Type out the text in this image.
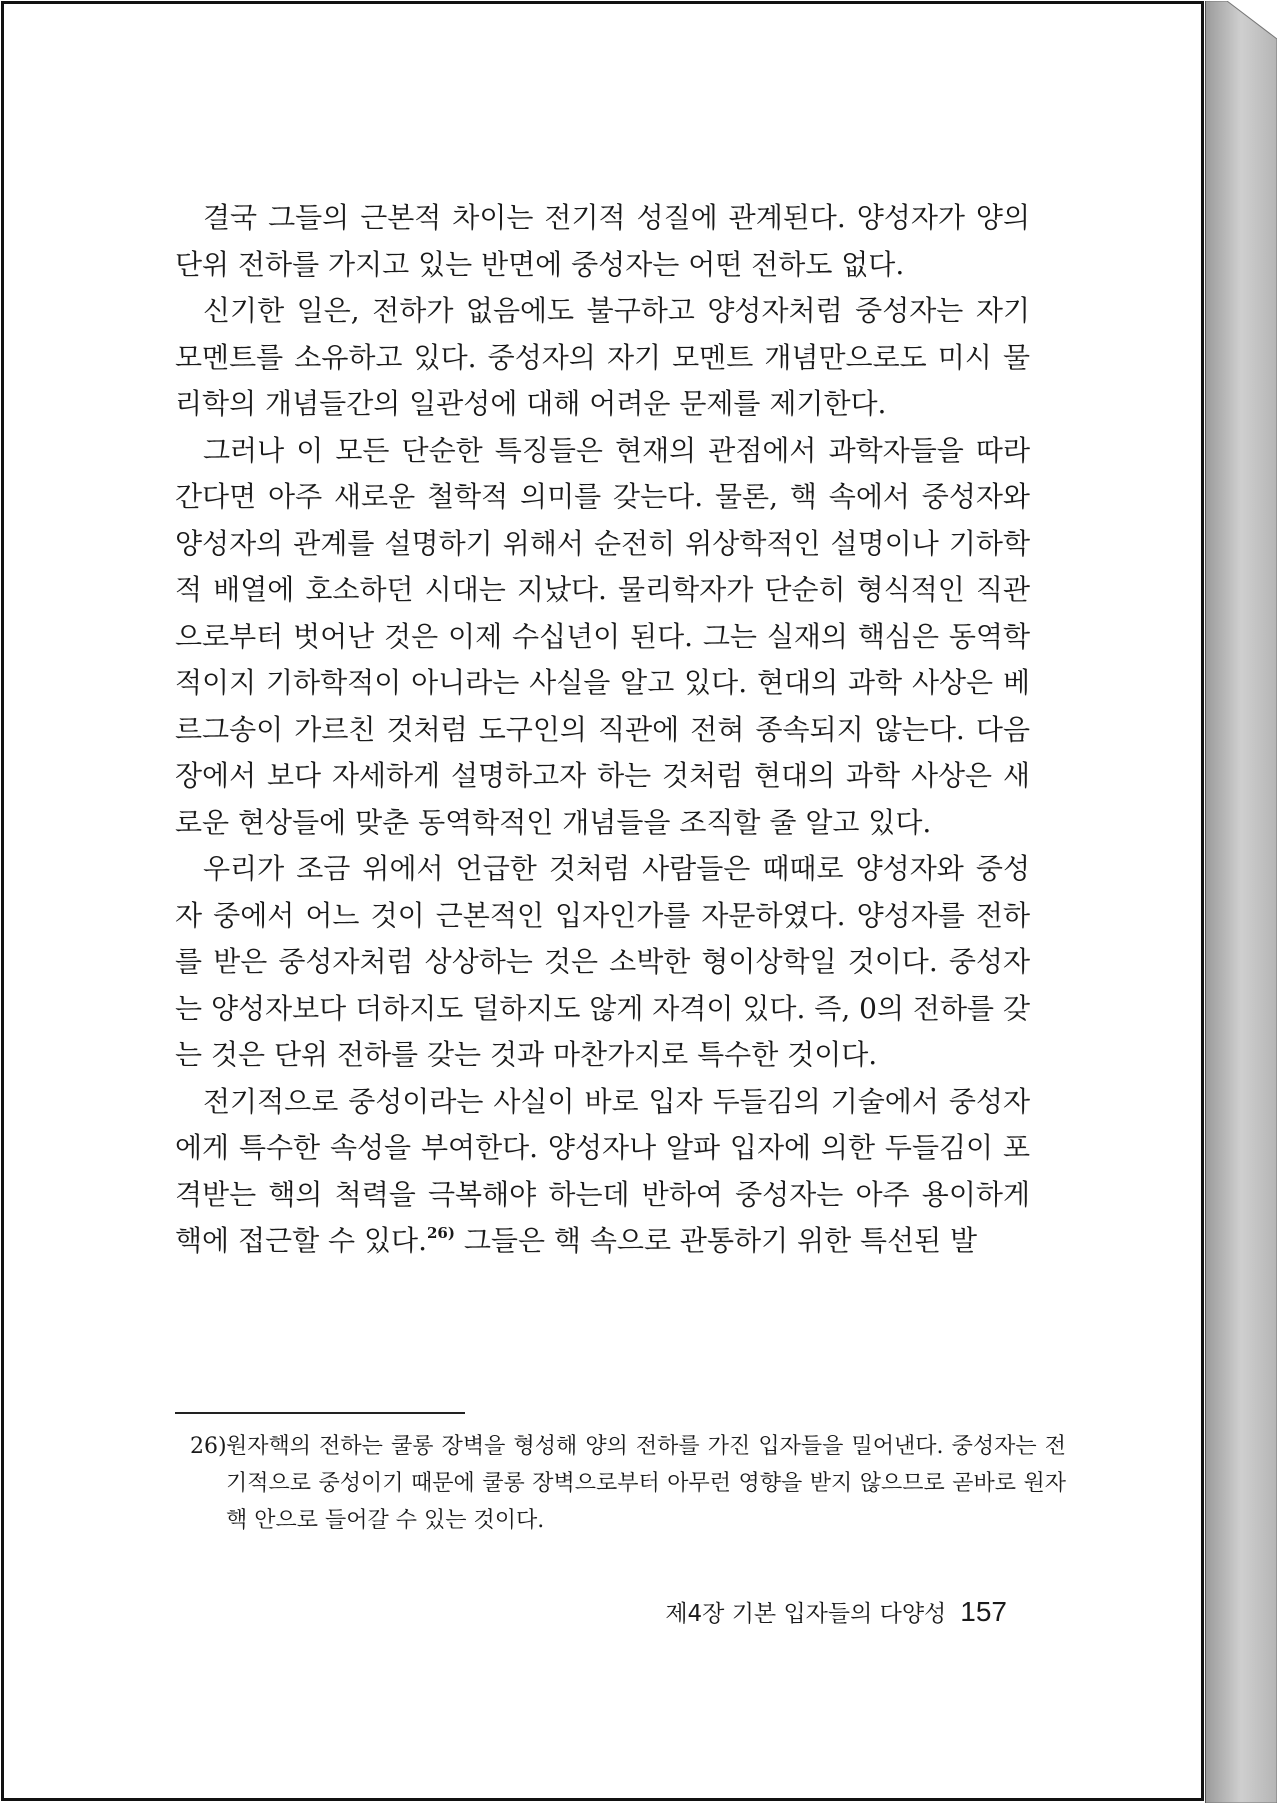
결국 그들의 근본적 차이는 전기적 성질에 관계된다. 양성자가 양의 단위 전하를 가지고 있는 반면에 중성자는 어떤 전하도 없다.

신기한 일은, 전하가 없음에도 불구하고 양성자처럼 중성자는 자기 모멘트를 소유하고 있다. 중성자의 자기 모멘트 개념만으로도 미시 물리학의 개념들간의 일관성에 대해 어려운 문제를 제기한다.

그러나 이 모든 단순한 특징들은 현재의 관점에서 과학자들을 따라간다면 아주 새로운 철학적 의미를 갖는다. 물론, 핵 속에서 중성자와 양성자의 관계를 설명하기 위해서 순전히 위상학적인 설명이나 기하학적 배열에 호소하던 시대는 지났다. 물리학자가 단순히 형식적인 직관으로부터 벗어난 것은 이제 수십년이 된다. 그는 실재의 핵심은 동역학적이지 기하학적이 아니라는 사실을 알고 있다. 현대의 과학 사상은 베르그송이 가르친 것처럼 도구인의 직관에 전혀 종속되지 않는다. 다음 장에서 보다 자세하게 설명하고자 하는 것처럼 현대의 과학 사상은 새로운 현상들에 맞춘 동역학적인 개념들을 조직할 줄 알고 있다.

우리가 조금 위에서 언급한 것처럼 사람들은 때때로 양성자와 중성자 중에서 어느 것이 근본적인 입자인가를 자문하였다. 양성자를 전하를 받은 중성자처럼 상상하는 것은 소박한 형이상학일 것이다. 중성자는 양성자보다 더하지도 덜하지도 않게 자격이 있다. 즉, 0의 전하를 갖는 것은 단위 전하를 갖는 것과 마찬가지로 특수한 것이다.

전기적으로 중성이라는 사실이 바로 입자 두들김의 기술에서 중성자에게 특수한 속성을 부여한다. 양성자나 알파 입자에 의한 두들김이 포격받는 핵의 척력을 극복해야 하는데 반하여 중성자는 아주 용이하게 핵에 접근할 수 있다.$^{26)}$ 그들은 핵 속으로 관통하기 위한 특선된 발

26)원자핵의 전하는 쿨롱 장벽을 형성해 양의 전하를 가진 입자들을 밀어낸다. 중성자는 전기적으로 중성이기 때문에 쿨롱 장벽으로부터 아무런 영향을 받지 않으므로 곧바로 원자핵 안으로 들어갈 수 있는 것이다.
제4장 기본 입자들의 다양성 157
